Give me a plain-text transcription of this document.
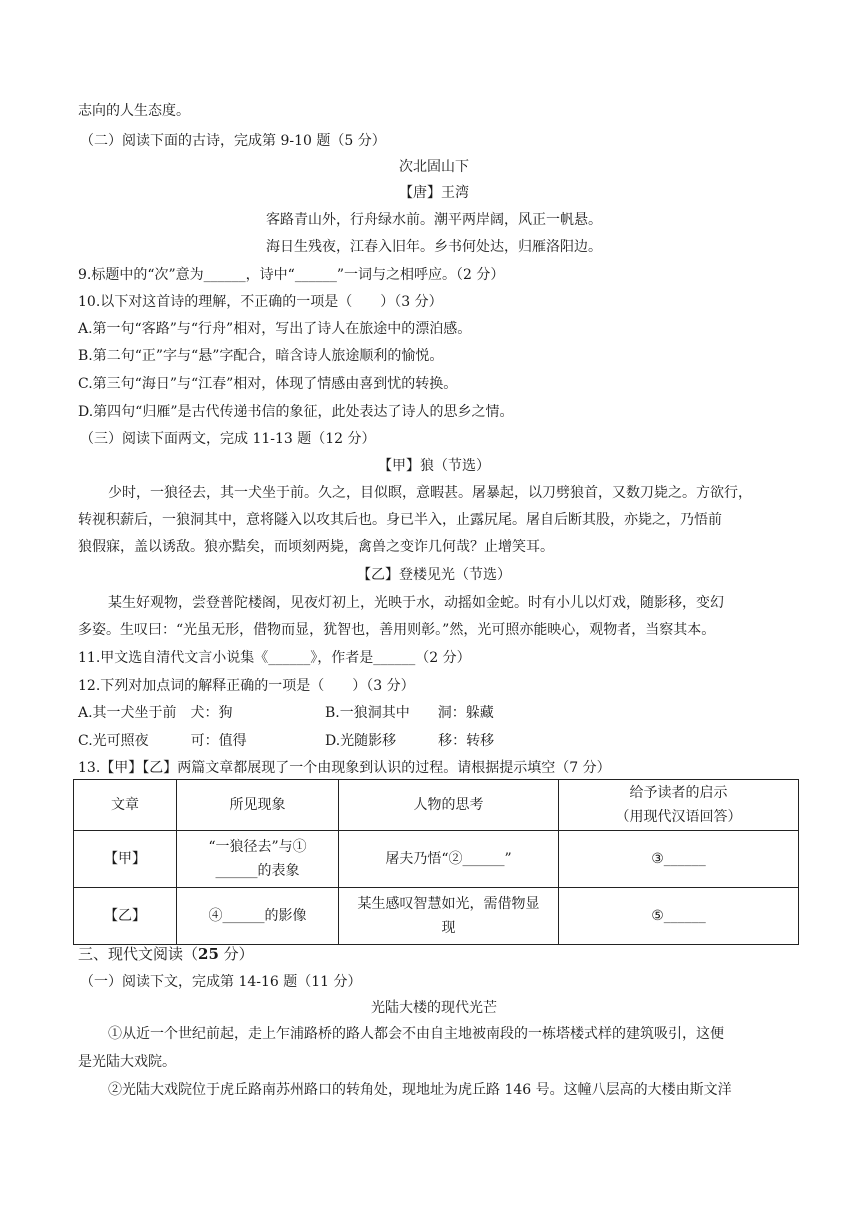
志向的人生态度。
（二）阅读下面的古诗，完成第 9-10 题（5 分）
次北固山下
【唐】王湾
客路青山外，行舟绿水前。潮平两岸阔，风正一帆悬。
海日生残夜，江春入旧年。乡书何处达，归雁洛阳边。
9.标题中的“次”意为______，诗中“______”一词与之相呼应。（2 分）
10.以下对这首诗的理解，不正确的一项是（　　）（3 分）
A.第一句“客路”与“行舟”相对，写出了诗人在旅途中的漂泊感。
B.第二句“正”字与“悬”字配合，暗含诗人旅途顺利的愉悦。
C.第三句“海日”与“江春”相对，体现了情感由喜到忧的转换。
D.第四句“归雁”是古代传递书信的象征，此处表达了诗人的思乡之情。
（三）阅读下面两文，完成 11-13 题（12 分）
【甲】狼（节选）
少时，一狼径去，其一犬坐于前。久之，目似瞑，意暇甚。屠暴起，以刀劈狼首，又数刀毙之。方欲行，
转视积薪后，一狼洞其中，意将隧入以攻其后也。身已半入，止露尻尾。屠自后断其股，亦毙之，乃悟前
狼假寐，盖以诱敌。狼亦黠矣，而顷刻两毙，禽兽之变诈几何哉？止增笑耳。
【乙】登楼见光（节选）
某生好观物，尝登普陀楼阁，见夜灯初上，光映于水，动摇如金蛇。时有小儿以灯戏，随影移，变幻
多姿。生叹曰：“光虽无形，借物而显，犹智也，善用则彰。”然，光可照亦能映心，观物者，当察其本。
11.甲文选自清代文言小说集《______》，作者是______（2 分）
12.下列对加点词的解释正确的一项是（　　）（3 分）
A.其一犬坐于前　犬：狗	B.一狼洞其中　　洞：躲藏
C.光可照夜　　　可：值得	D.光随影移　　　移：转移
13.【甲】【乙】两篇文章都展现了一个由现象到认识的过程。请根据提示填空（7 分）
文章	所见现象	人物的思考	给予读者的启示
（用现代汉语回答）
【甲】	“一狼径去”与①
______的表象	屠夫乃悟“②______”	③______
【乙】	④______的影像	某生感叹智慧如光，需借物显
现	⑤______
三、现代文阅读（25 分）
（一）阅读下文，完成第 14-16 题（11 分）
光陆大楼的现代光芒
①从近一个世纪前起，走上乍浦路桥的路人都会不由自主地被南段的一栋塔楼式样的建筑吸引，这便
是光陆大戏院。
②光陆大戏院位于虎丘路南苏州路口的转角处，现地址为虎丘路 146 号。这幢八层高的大楼由斯文洋
